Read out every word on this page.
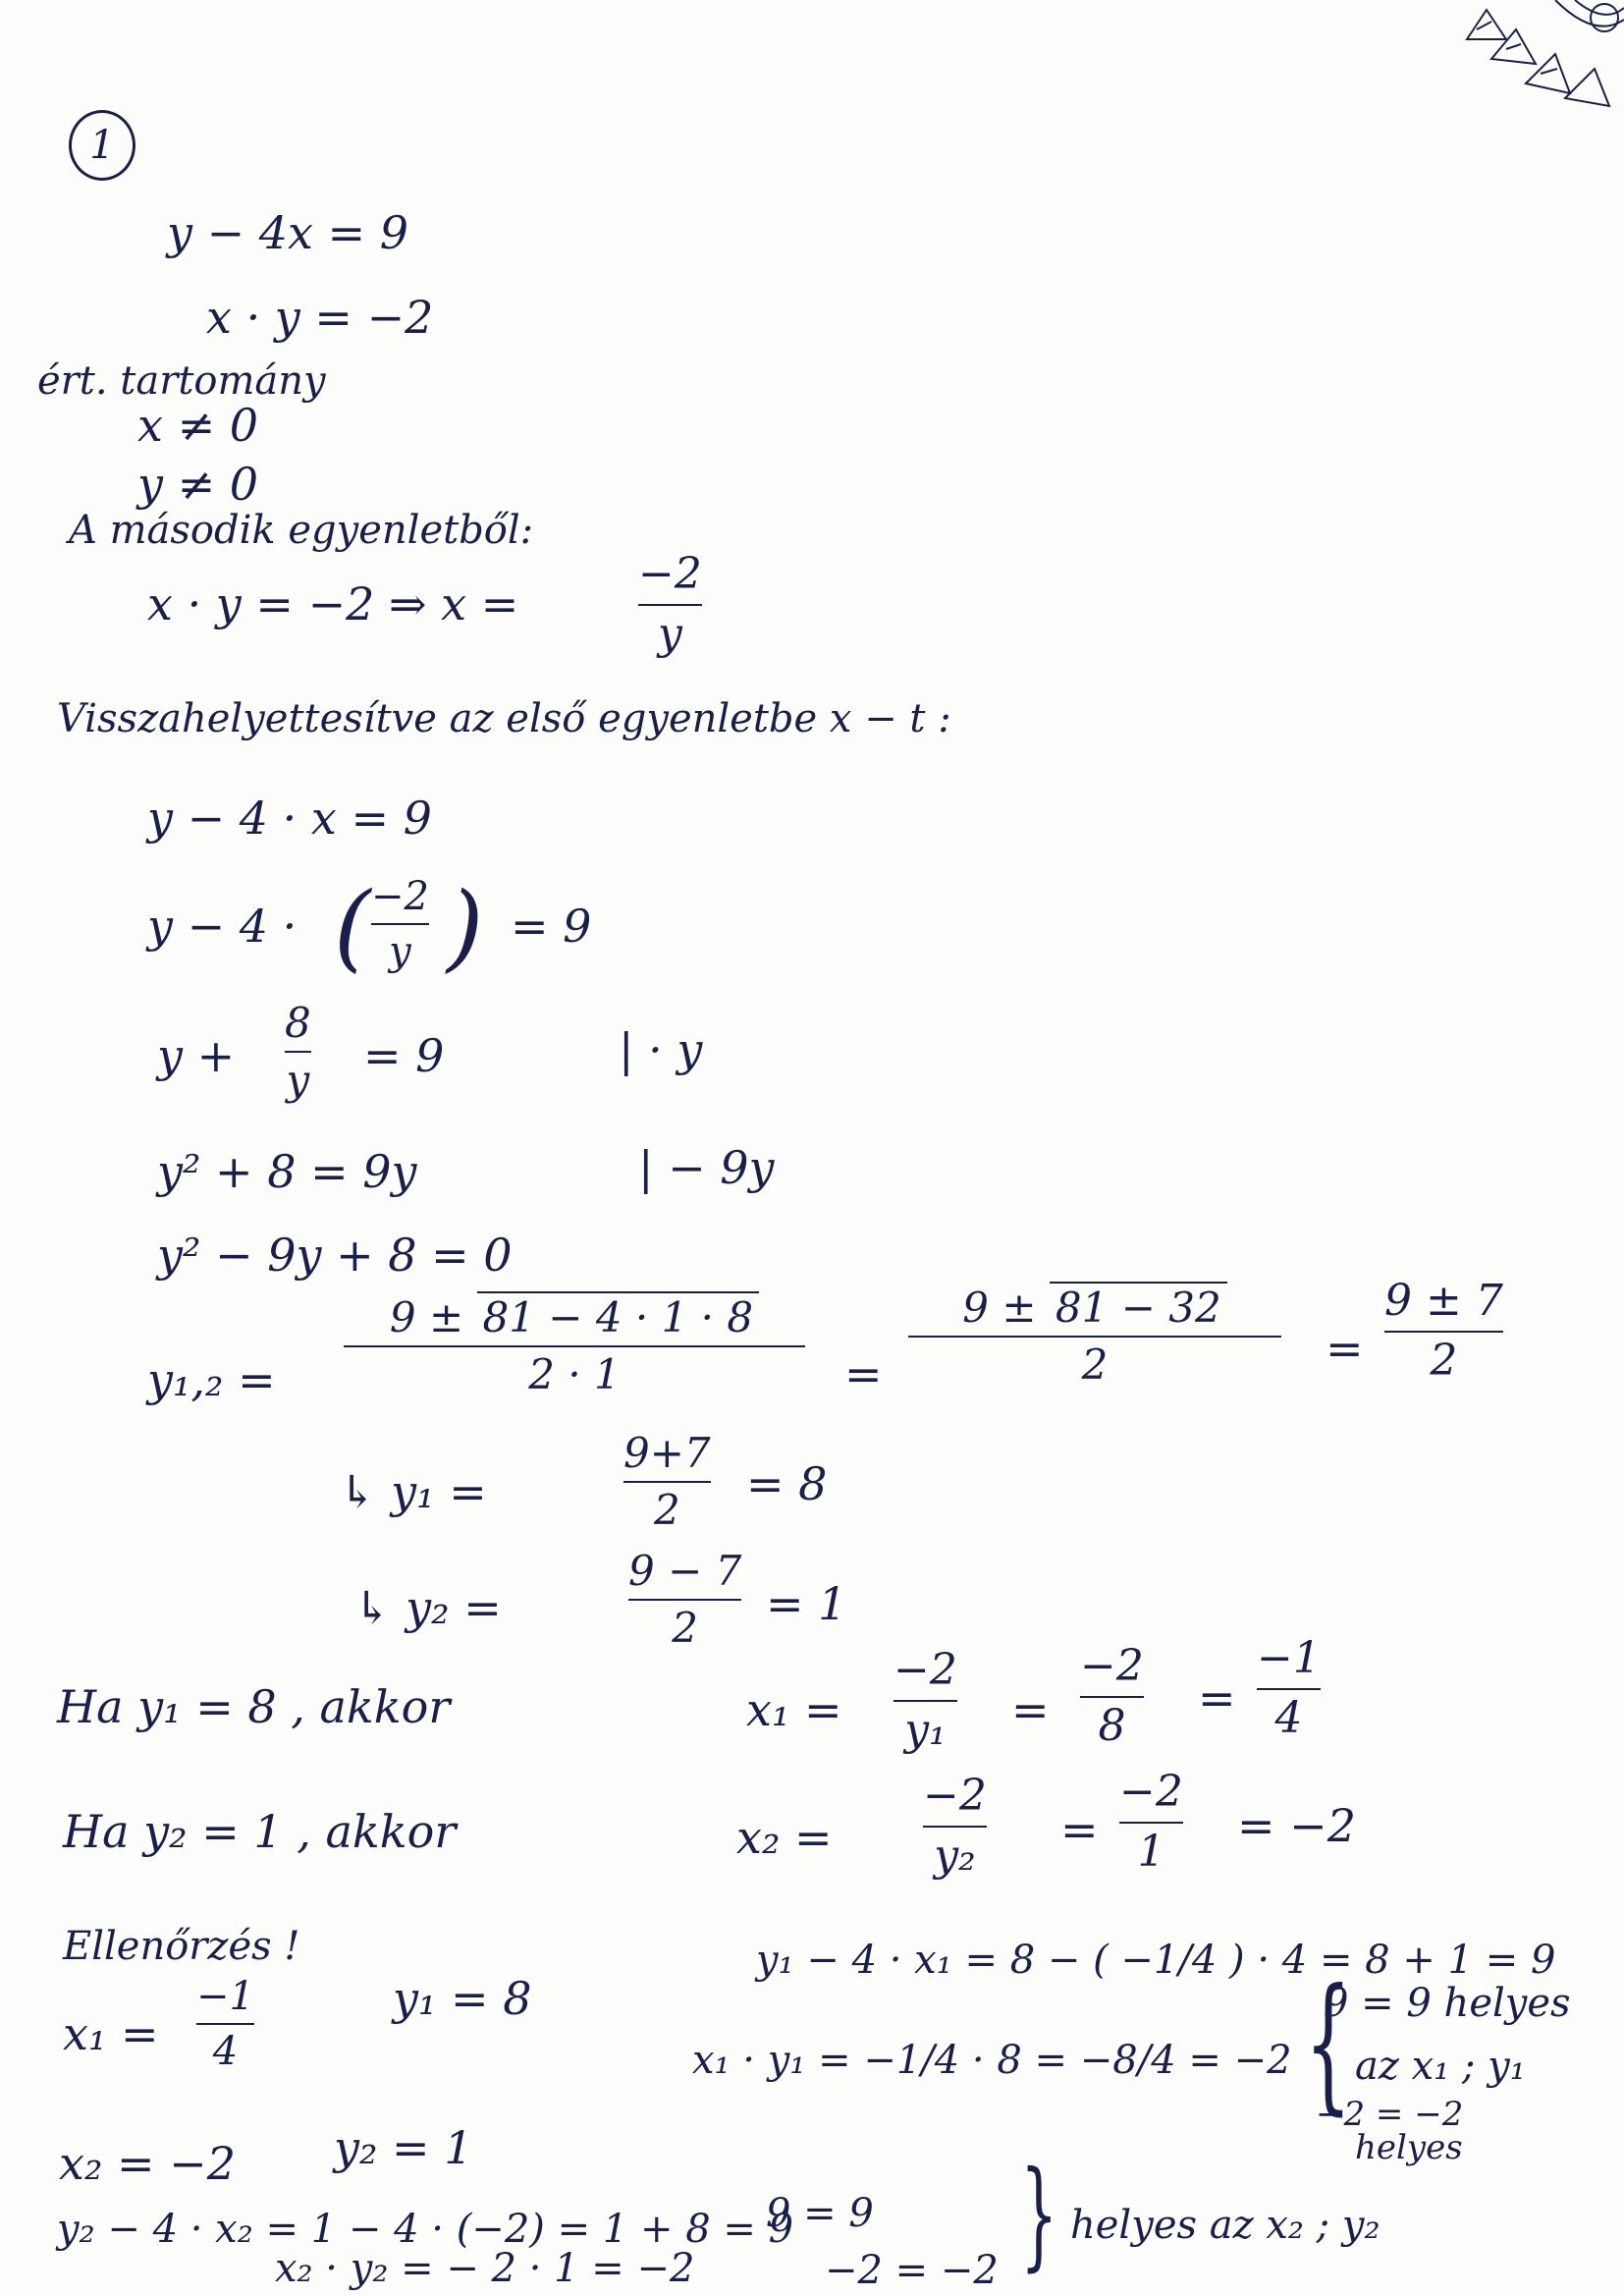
1
y − 4x = 9
x · y = −2
ért. tartomány
x ≠ 0
y ≠ 0
A második egyenletből:
x · y = −2 ⇒ x =
−2
y
Visszahelyettesítve az első egyenletbe x − t :
y − 4 · x = 9
y − 4 · ( −2
y ) = 9
y +
8
y = 9	| · y
y² + 8 = 9y	| − 9y
y² − 9y + 8 = 0
y₁,₂ =
9 ± 81 − 4 · 1 · 8
2 · 1	=
9 ± 81 − 32
2	=
9 ± 7
2
↳ y₁ =
9+7
2 = 8
↳ y₂ =
9 − 7
2 = 1
Ha y₁ = 8 , akkor	x₁ =
−2
y₁ =
−2
8
=
−1
4
Ha y₂ = 1 , akkor	x₂ =
−2
y₂ =
−2
1 = −2
Ellenőrzés !
x₁ =
−1
4
y₁ = 8
y₁ − 4 · x₁ = 8 − ( −1/4 ) · 4 = 8 + 1 = 9
x₁ · y₁ = −1/4 · 8 = −8/4 = −2 {
9 = 9 helyes
az x₁ ; y₁
−2 = −2
helyes
x₂ = −2 y₂ = 1
y₂ − 4 · x₂ = 1 − 4 · (−2) = 1 + 8 = 9
9 = 9
x₂ · y₂ = − 2 · 1 = −2	−2 = −2 } helyes az x₂ ; y₂
